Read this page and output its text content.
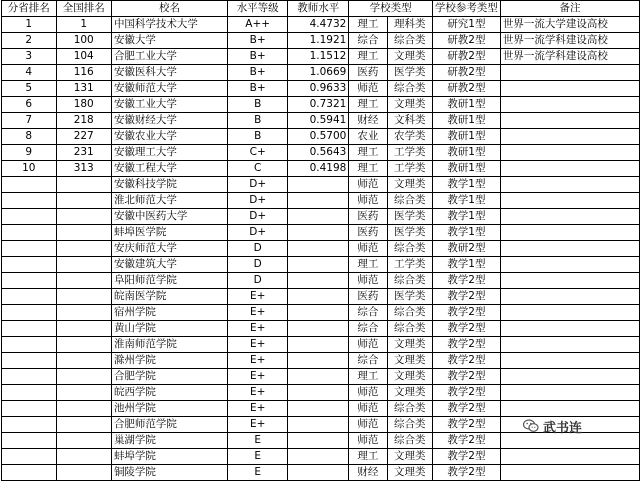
分省排名	全国排名	校名	水平等级	教师水平	学校类型		学校参考类型	备注
1	1	中国科学技术大学	A++	4.4732	理工	理科类	研究1型	世界一流大学建设高校
2	100	安徽大学	B+	1.1921	综合	综合类	研教2型	世界一流学科建设高校
3	104	合肥工业大学	B+	1.1512	理工	文理类	研教2型	世界一流学科建设高校
4	116	安徽医科大学	B+	1.0669	医药	医学类	研教2型	
5	131	安徽师范大学	B+	0.9633	师范	综合类	研教2型	
6	180	安徽工业大学	B	0.7321	理工	文理类	教研1型	
7	218	安徽财经大学	B	0.5941	财经	文科类	教研1型	
8	227	安徽农业大学	B	0.5700	农业	农学类	教研1型	
9	231	安徽理工大学	C+	0.5643	理工	工学类	教研1型	
10	313	安徽工程大学	C	0.4198	理工	工学类	教研1型	
		安徽科技学院	D+		师范	文理类	教学1型	
		淮北师范大学	D+		师范	综合类	教学1型	
		安徽中医药大学	D+		医药	医学类	教学1型	
		蚌埠医学院	D+		医药	医学类	教学1型	
		安庆师范大学	D		师范	综合类	教研2型	
		安徽建筑大学	D		理工	工学类	教学1型	
		阜阳师范学院	D		师范	综合类	教学2型	
		皖南医学院	E+		医药	医学类	教学2型	
		宿州学院	E+		综合	综合类	教学2型	
		黄山学院	E+		综合	综合类	教学2型	
		淮南师范学院	E+		师范	文理类	教学2型	
		滁州学院	E+		综合	文理类	教学2型	
		合肥学院	E+		理工	文理类	教学2型	
		皖西学院	E+		师范	文理类	教学2型	
		池州学院	E+		师范	综合类	教学2型	
		合肥师范学院	E+		师范	综合类	教学2型	
		巢湖学院	E		师范	综合类	教学2型	
		蚌埠学院	E		理工	文理类	教学2型	
		铜陵学院	E		财经	文理类	教学2型	
武书连
